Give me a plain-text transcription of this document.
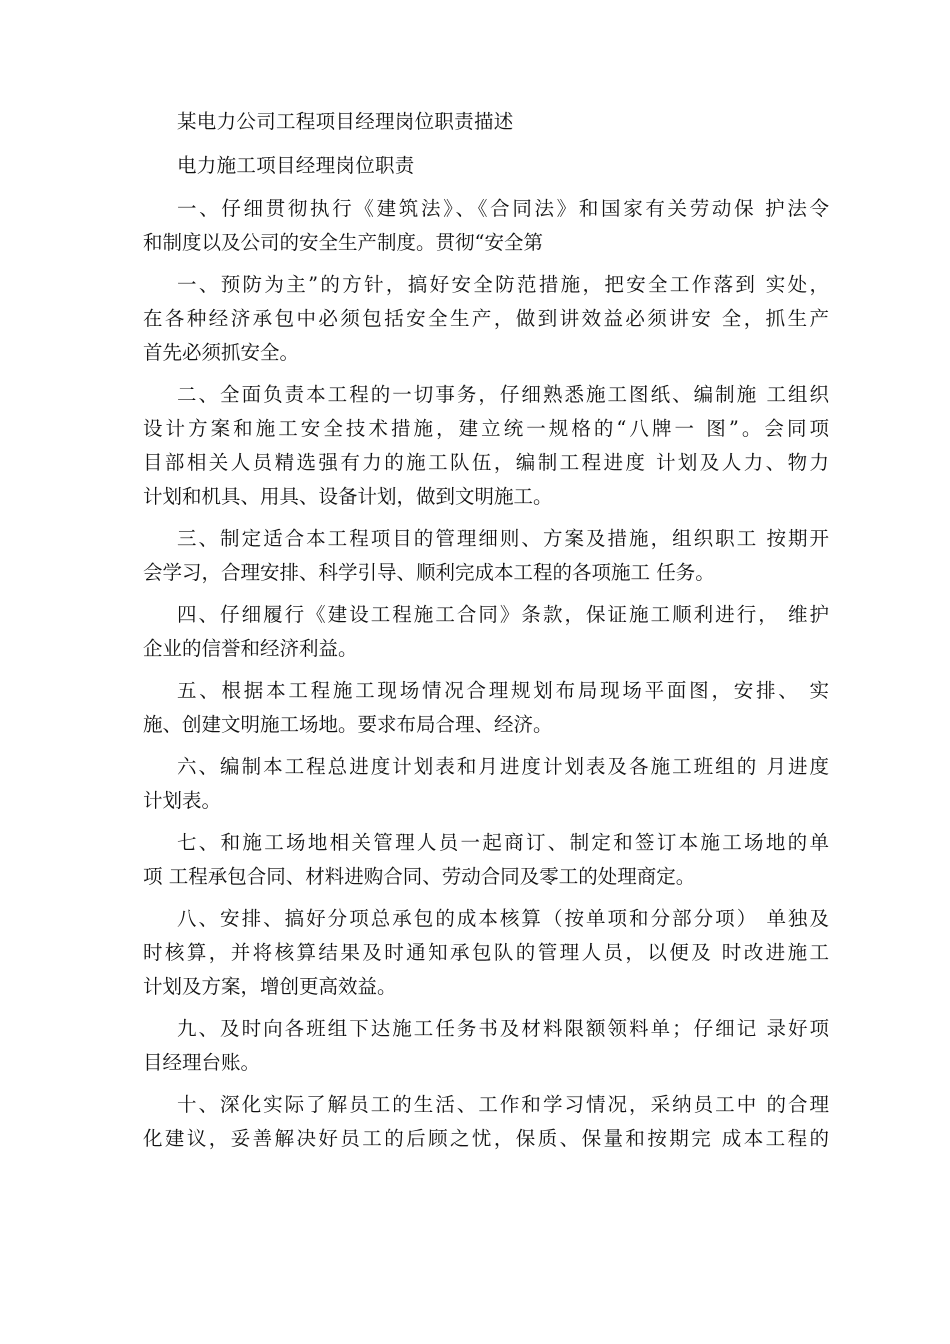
某电力公司工程项目经理岗位职责描述
电力施工项目经理岗位职责
一、仔细贯彻执行《建筑法》、《合同法》和国家有关劳动保 护法令
和制度以及公司的安全生产制度。贯彻“安全第
一、预防为主”的方针，搞好安全防范措施，把安全工作落到 实处，
在各种经济承包中必须包括安全生产，做到讲效益必须讲安 全，抓生产
首先必须抓安全。
二、全面负责本工程的一切事务，仔细熟悉施工图纸、编制施 工组织
设计方案和施工安全技术措施，建立统一规格的“八牌一 图”。会同项
目部相关人员精选强有力的施工队伍，编制工程进度 计划及人力、物力
计划和机具、用具、设备计划，做到文明施工。
三、制定适合本工程项目的管理细则、方案及措施，组织职工 按期开
会学习，合理安排、科学引导、顺利完成本工程的各项施工 任务。
四、仔细履行《建设工程施工合同》条款，保证施工顺利进行， 维护
企业的信誉和经济利益。
五、根据本工程施工现场情况合理规划布局现场平面图，安排、 实
施、创建文明施工场地。要求布局合理、经济。
六、编制本工程总进度计划表和月进度计划表及各施工班组的 月进度
计划表。
七、和施工场地相关管理人员一起商订、制定和签订本施工场地的单
项 工程承包合同、材料进购合同、劳动合同及零工的处理商定。
八、安排、搞好分项总承包的成本核算（按单项和分部分项） 单独及
时核算，并将核算结果及时通知承包队的管理人员，以便及 时改进施工
计划及方案，增创更高效益。
九、及时向各班组下达施工任务书及材料限额领料单；仔细记 录好项
目经理台账。
十、深化实际了解员工的生活、工作和学习情况，采纳员工中 的合理
化建议，妥善解决好员工的后顾之忧，保质、保量和按期完 成本工程的
